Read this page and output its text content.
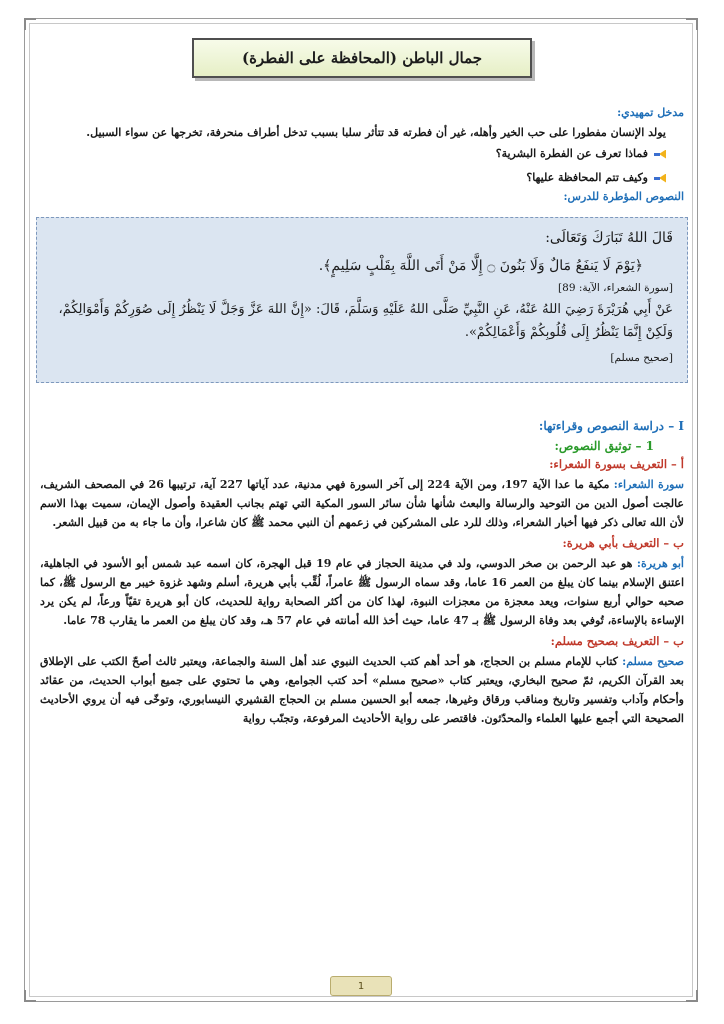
جمال الباطن (المحافظة على الفطرة)

مدخل تمهيدي:

يولد الإنسان مفطورا على حب الخير وأهله، غير أن فطرته قد تتأثر سلبا بسبب تدخل أطراف منحرفة، تخرجها عن سواء السبيل.

فماذا تعرف عن الفطرة البشرية؟
وكيف تتم المحافظة عليها؟

النصوص المؤطرة للدرس:

قَالَ اللهُ تَبَارَكَ وَتَعَالَى:

﴿يَوْمَ لَا يَنفَعُ مَالٌ وَلَا بَنُونَ ۝ إِلَّا مَنْ أَتَى اللَّهَ بِقَلْبٍ سَلِيمٍ﴾.

[سورة الشعراء، الآية: 89]

عَنْ أَبِي هُرَيْرَةَ رَضِيَ اللهُ عَنْهُ، عَنِ النَّبِيِّ صَلَّى اللهُ عَلَيْهِ وَسَلَّمَ، قَالَ: «إِنَّ اللهَ عَزَّ وَجَلَّ لَا يَنْظُرُ إِلَى صُوَرِكُمْ وَأَمْوَالِكُمْ، وَلَكِنْ إِنَّمَا يَنْظُرُ إِلَى قُلُوبِكُمْ وَأَعْمَالِكُمْ».

[صحيح مسلم]

I – دراسة النصوص وقراءتها:

1 – توثيق النصوص:

أ – التعريف بسورة الشعراء:

سورة الشعراء: مكية ما عدا الآية 197، ومن الآية 224 إلى آخر السورة فهي مدنية، عدد آياتها 227 آية، ترتيبها 26 في المصحف الشريف، عالجت أصول الدين من التوحيد والرسالة والبعث شأنها شأن سائر السور المكية التي تهتم بجانب العقيدة وأصول الإيمان، سميت بهذا الاسم لأن الله تعالى ذكر فيها أخبار الشعراء، وذلك للرد على المشركين في زعمهم أن النبي محمد ﷺ كان شاعرا، وأن ما جاء به من قبيل الشعر.

ب – التعريف بأبي هريرة:

أبو هريرة: هو عبد الرحمن بن صخر الدوسي، ولد في مدينة الحجاز في عام 19 قبل الهجرة، كان اسمه عبد شمس أبو الأسود في الجاهلية، اعتنق الإسلام بينما كان يبلغ من العمر 16 عاما، وقد سماه الرسول ﷺ عامراً، لُقِّب بأبي هريرة، أسلم وشهد غزوة خيبر مع الرسول ﷺ، كما صحبه حوالي أربع سنوات، ويعد معجزة من معجزات النبوة، لهذا كان من أكثر الصحابة رواية للحديث، كان أبو هريرة تقيّاً ورعاً، لم يكن يرد الإساءة بالإساءة، تُوفي بعد وفاة الرسول ﷺ بـ 47 عاما، حيث أخذ الله أمانته في عام 57 هـ، وقد كان يبلغ من العمر ما يقارب 78 عاما.

ب – التعريف بصحيح مسلم:

صحيح مسلم: كتاب للإمام مسلم بن الحجاج، هو أحد أهم كتب الحديث النبوي عند أهل السنة والجماعة، ويعتبر ثالث أصحّ الكتب على الإطلاق بعد القرآن الكريم، ثمّ صحيح البخاري، ويعتبر كتاب «صحيح مسلم» أحد كتب الجوامع، وهي ما تحتوي على جميع أبواب الحديث، من عقائد وأحكام وآداب وتفسير وتاريخ ومناقب ورقاق وغيرها، جمعه أبو الحسين مسلم بن الحجاج القشيري النيسابوري، وتوخّى فيه أن يروي الأحاديث الصحيحة التي أجمع عليها العلماء والمحدّثون. فاقتصر على رواية الأحاديث المرفوعة، وتجنّب رواية

1
